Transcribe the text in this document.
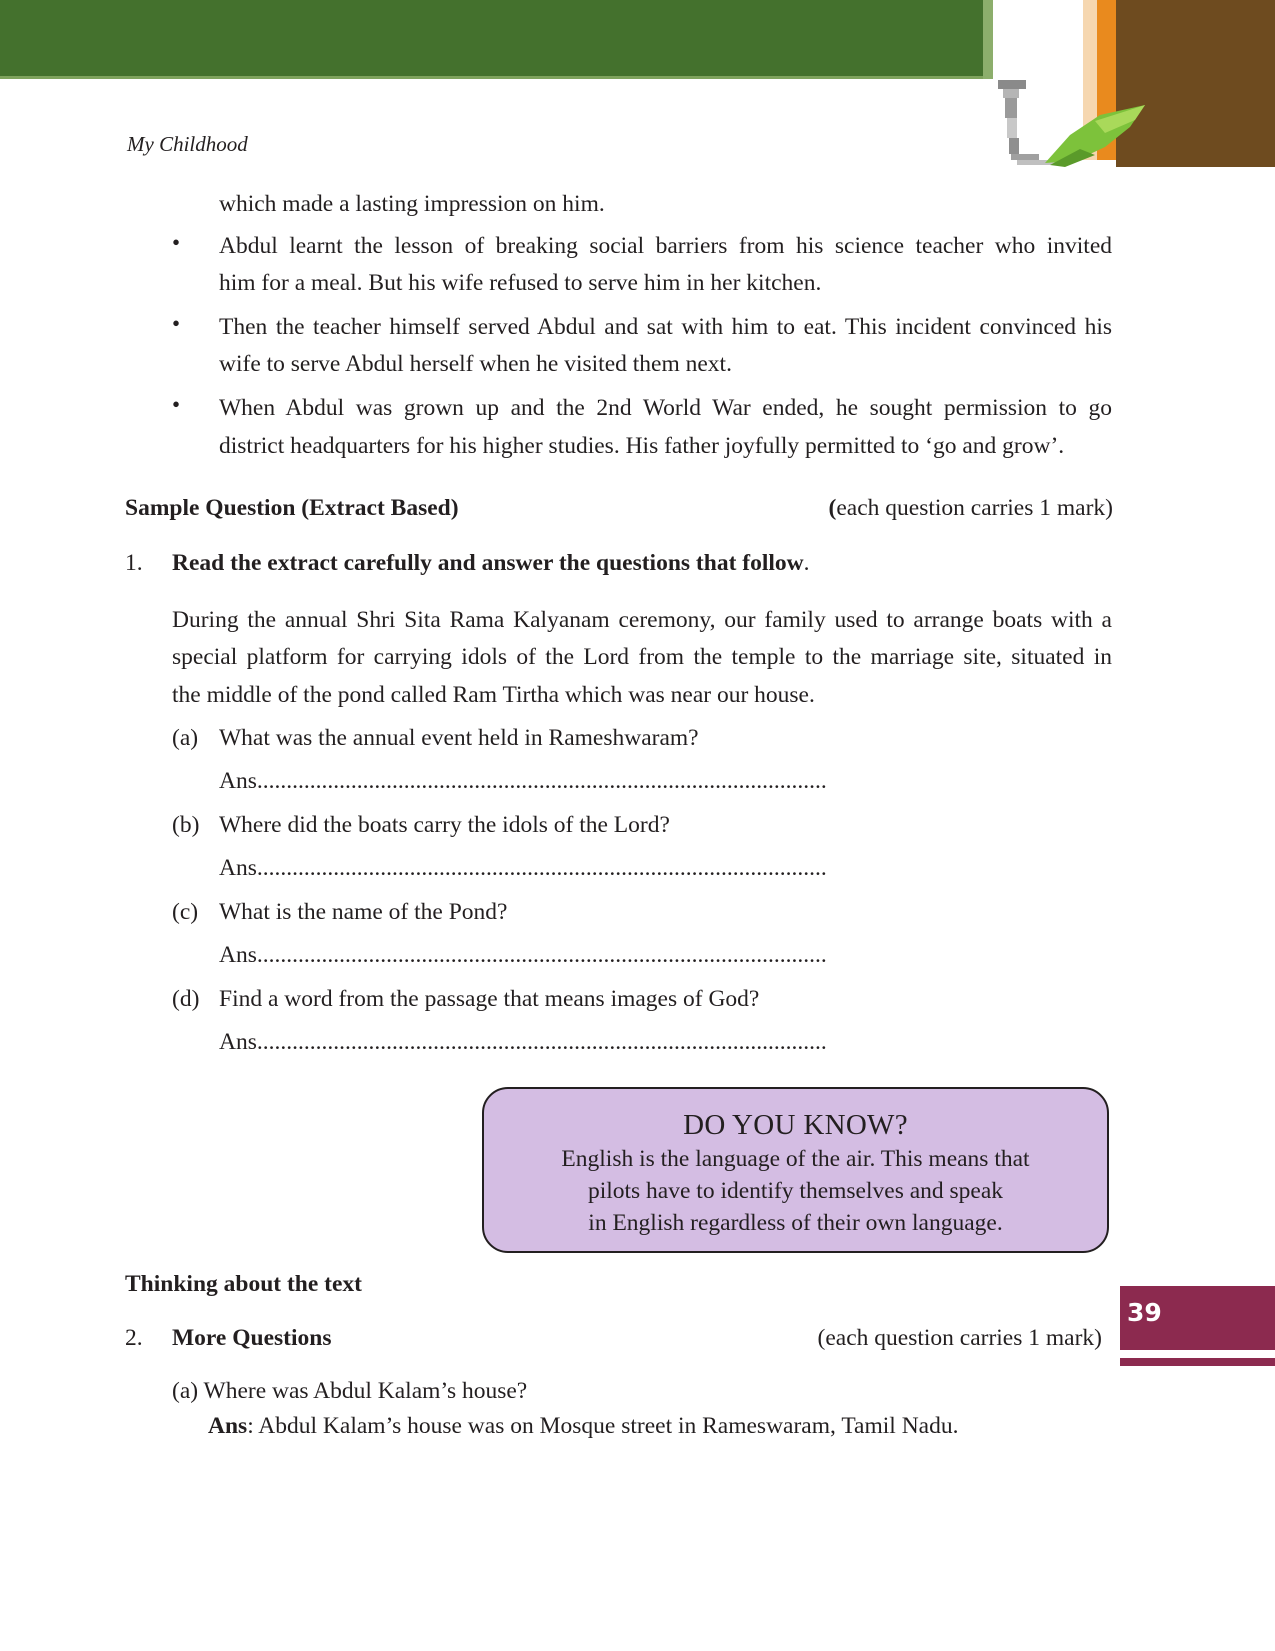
My Childhood
which made a lasting impression on him.
• Abdul learnt the lesson of breaking social barriers from his science teacher who invited
him for a meal. But his wife refused to serve him in her kitchen.
• Then the teacher himself served Abdul and sat with him to eat. This incident convinced his
wife to serve Abdul herself when he visited them next.
• When Abdul was grown up and the 2nd World War ended, he sought permission to go
district headquarters for his higher studies. His father joyfully permitted to ‘go and grow’.
Sample Question (Extract Based)	(each question carries 1 mark)
1. Read the extract carefully and answer the questions that follow.
During the annual Shri Sita Rama Kalyanam ceremony, our family used to arrange boats with a
special platform for carrying idols of the Lord from the temple to the marriage site, situated in
the middle of the pond called Ram Tirtha which was near our house.
(a) What was the annual event held in Rameshwaram?
Ans.................................................................................................
(b) Where did the boats carry the idols of the Lord?
Ans.................................................................................................
(c) What is the name of the Pond?
Ans.................................................................................................
(d) Find a word from the passage that means images of God?
Ans.................................................................................................
DO YOU KNOW?
English is the language of the air. This means that
pilots have to identify themselves and speak
in English regardless of their own language.
Thinking about the text
2. More Questions	(each question carries 1 mark)
(a) Where was Abdul Kalam’s house?
Ans: Abdul Kalam’s house was on Mosque street in Rameswaram, Tamil Nadu.
39
